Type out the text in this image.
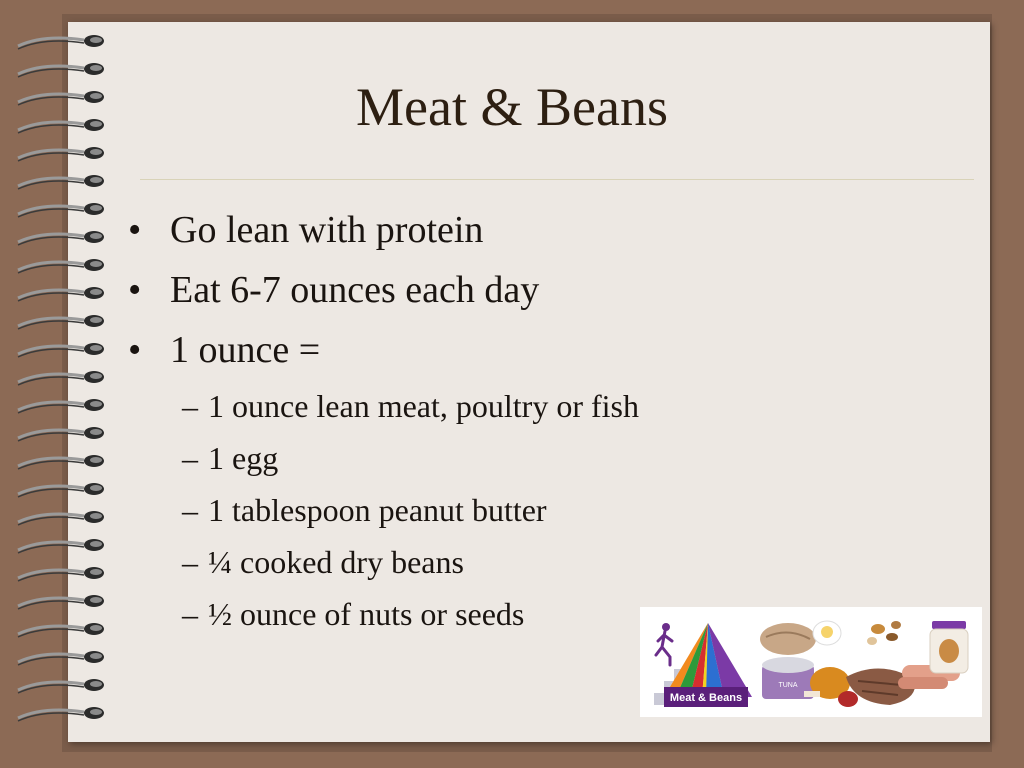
Meat & Beans
• Go lean with protein
• Eat 6-7 ounces each day
• 1 ounce =
– 1 ounce lean meat, poultry or fish
– 1 egg
– 1 tablespoon peanut butter
– ¼ cooked dry beans
– ½ ounce of nuts or seeds
Meat & Beans
TUNA
